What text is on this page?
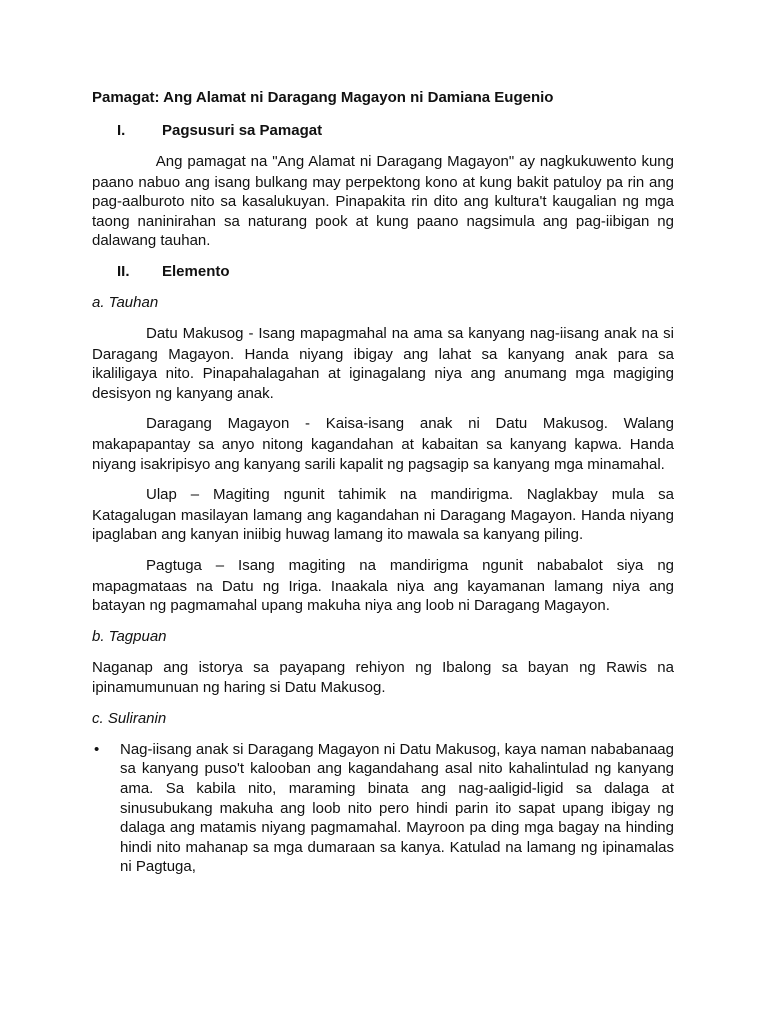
Pamagat: Ang Alamat ni Daragang Magayon ni Damiana Eugenio
I.	Pagsusuri sa Pamagat

Ang pamagat na "Ang Alamat ni Daragang Magayon" ay nagkukuwento kung paano nabuo ang isang bulkang may perpektong kono at kung bakit patuloy pa rin ang pag-aalburoto nito sa kasalukuyan. Pinapakita rin dito ang kultura't kaugalian ng mga taong naninirahan sa naturang pook at kung paano nagsimula ang pag-iibigan ng dalawang tauhan.

II.	Elemento
a. Tauhan

Datu Makusog - Isang mapagmahal na ama sa kanyang nag-iisang anak na si Daragang Magayon. Handa niyang ibigay ang lahat sa kanyang anak para sa ikaliligaya nito. Pinapahalagahan at iginagalang niya ang anumang mga magiging desisyon ng kanyang anak.

Daragang Magayon - Kaisa-isang anak ni Datu Makusog. Walang makapapantay sa anyo nitong kagandahan at kabaitan sa kanyang kapwa. Handa niyang isakripisyo ang kanyang sarili kapalit ng pagsagip sa kanyang mga minamahal.

Ulap – Magiting ngunit tahimik na mandirigma. Naglakbay mula sa Katagalugan masilayan lamang ang kagandahan ni Daragang Magayon. Handa niyang ipaglaban ang kanyan iniibig huwag lamang ito mawala sa kanyang piling.

Pagtuga – Isang magiting na mandirigma ngunit nababalot siya ng mapagmataas na Datu ng Iriga. Inaakala niya ang kayamanan lamang niya ang batayan ng pagmamahal upang makuha niya ang loob ni Daragang Magayon.

b. Tagpuan

Naganap ang istorya sa payapang rehiyon ng Ibalong sa bayan ng Rawis na ipinamumunuan ng haring si Datu Makusog.

c. Suliranin
• Nag-iisang anak si Daragang Magayon ni Datu Makusog, kaya naman nababanaag sa kanyang puso't kalooban ang kagandahang asal nito kahalintulad ng kanyang ama. Sa kabila nito, maraming binata ang nag-aaligid-ligid sa dalaga at sinusubukang makuha ang loob nito pero hindi parin ito sapat upang ibigay ng dalaga ang matamis niyang pagmamahal. Mayroon pa ding mga bagay na hinding hindi nito mahanap sa mga dumaraan sa kanya. Katulad na lamang ng ipinamalas ni Pagtuga,
